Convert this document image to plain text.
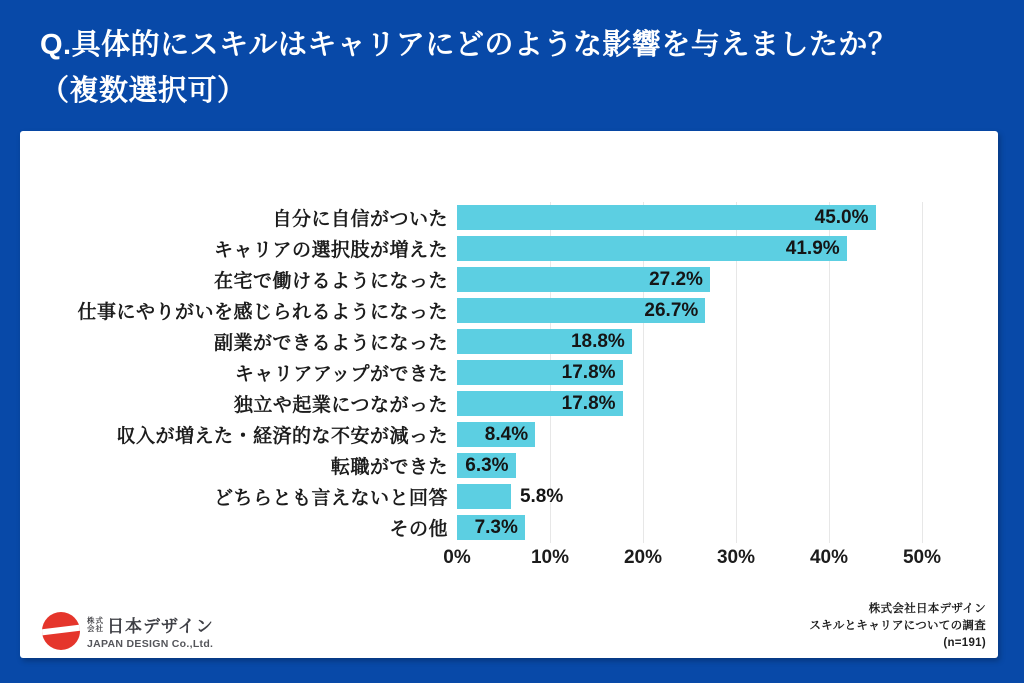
Q.具体的にスキルはキャリアにどのような影響を与えましたか？
（複数選択可）
自分に自信がついた	45.0%
キャリアの選択肢が増えた	41.9%
在宅で働けるようになった	27.2%
仕事にやりがいを感じられるようになった	26.7%
副業ができるようになった	18.8%
キャリアアップができた	17.8%
独立や起業につながった	17.8%
収入が増えた・経済的な不安が減った	8.4%
転職ができた 6.3%
どちらとも言えないと回答	5.8%
その他	7.3%
0%	10%	20%	30%	40%	50%
株式
会社 日本デザイン
JAPAN DESIGN Co.,Ltd.
株式会社日本デザイン
スキルとキャリアについての調査
(n=191)
